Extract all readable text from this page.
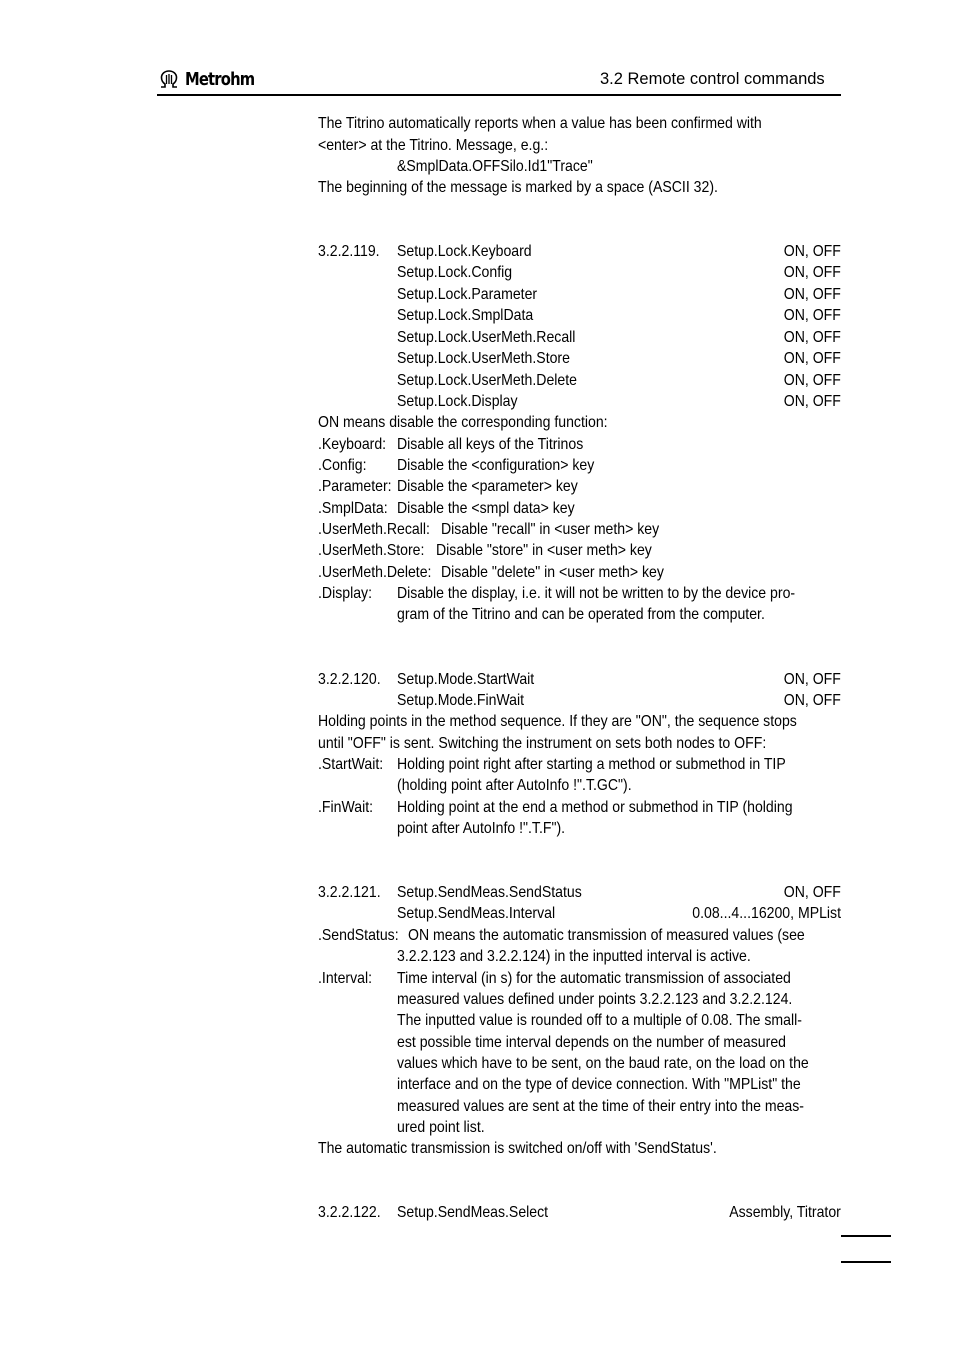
Metrohm	3.2 Remote control commands
The Titrino automatically reports when a value has been confirmed with
<enter> at the Titrino. Message, e.g.:
&SmplData.OFFSilo.Id1"Trace"
The beginning of the message is marked by a space (ASCII 32).
3.2.2.119. Setup.Lock.Keyboard	ON, OFF
Setup.Lock.Config	ON, OFF
Setup.Lock.Parameter	ON, OFF
Setup.Lock.SmplData	ON, OFF
Setup.Lock.UserMeth.Recall	ON, OFF
Setup.Lock.UserMeth.Store	ON, OFF
Setup.Lock.UserMeth.Delete	ON, OFF
Setup.Lock.Display	ON, OFF
ON means disable the corresponding function:
.Keyboard: Disable all keys of the Titrinos
.Config: Disable the <configuration> key
.Parameter: Disable the <parameter> key
.SmplData: Disable the <smpl data> key
.UserMeth.Recall: Disable "recall" in <user meth> key
.UserMeth.Store: Disable "store" in <user meth> key
.UserMeth.Delete: Disable "delete" in <user meth> key
.Display: Disable the display, i.e. it will not be written to by the device pro-
gram of the Titrino and can be operated from the computer.
3.2.2.120. Setup.Mode.StartWait	ON, OFF
Setup.Mode.FinWait	ON, OFF
Holding points in the method sequence. If they are "ON", the sequence stops
until "OFF" is sent. Switching the instrument on sets both nodes to OFF:
.StartWait: Holding point right after starting a method or submethod in TIP
(holding point after AutoInfo !".T.GC").
.FinWait: Holding point at the end a method or submethod in TIP (holding
point after AutoInfo !".T.F").
3.2.2.121. Setup.SendMeas.SendStatus	ON, OFF
Setup.SendMeas.Interval	0.08...4...16200, MPList
.SendStatus: ON means the automatic transmission of measured values (see
3.2.2.123 and 3.2.2.124) in the inputted interval is active.
.Interval: Time interval (in s) for the automatic transmission of associated
measured values defined under points 3.2.2.123 and 3.2.2.124.
The inputted value is rounded off to a multiple of 0.08. The small-
est possible time interval depends on the number of measured
values which have to be sent, on the baud rate, on the load on the
interface and on the type of device connection. With "MPList" the
measured values are sent at the time of their entry into the meas-
ured point list.
The automatic transmission is switched on/off with 'SendStatus'.
3.2.2.122. Setup.SendMeas.Select	Assembly, Titrator
